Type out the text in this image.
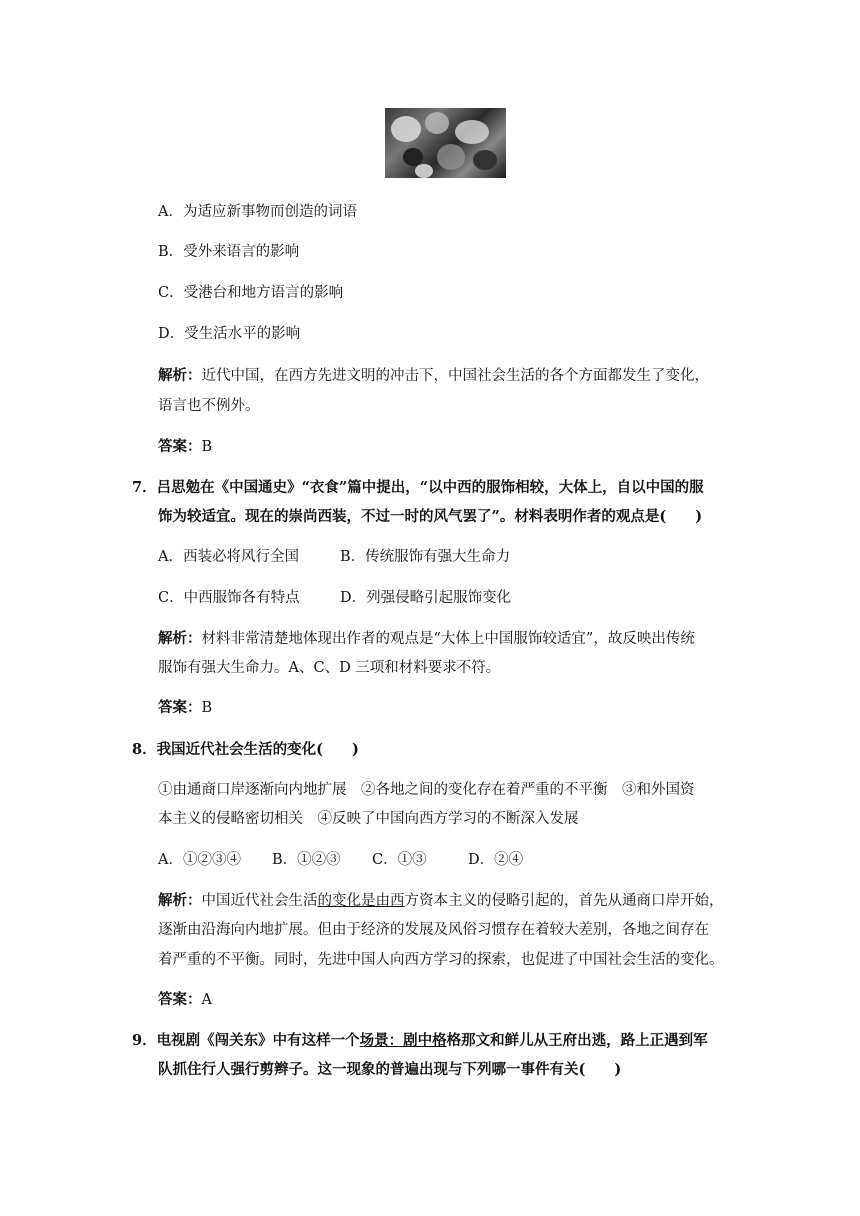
A．为适应新事物而创造的词语
B．受外来语言的影响
C．受港台和地方语言的影响
D．受生活水平的影响
解析：近代中国，在西方先进文明的冲击下，中国社会生活的各个方面都发生了变化，
语言也不例外。
答案：B
7．吕思勉在《中国通史》“衣食”篇中提出，“以中西的服饰相较，大体上，自以中国的服
饰为较适宜。现在的崇尚西装，不过一时的风气罢了”。材料表明作者的观点是(　　)
A．西装必将风行全国	B．传统服饰有强大生命力
C．中西服饰各有特点	D．列强侵略引起服饰变化
解析：材料非常清楚地体现出作者的观点是“大体上中国服饰较适宜”，故反映出传统
服饰有强大生命力。A、C、D 三项和材料要求不符。
答案：B
8．我国近代社会生活的变化(　　)
①由通商口岸逐渐向内地扩展　②各地之间的变化存在着严重的不平衡　③和外国资
本主义的侵略密切相关　④反映了中国向西方学习的不断深入发展
A．①②③④ B．①②③ C．①③	D．②④
解析：中国近代社会生活的变化是由西方资本主义的侵略引起的，首先从通商口岸开始，
逐渐由沿海向内地扩展。但由于经济的发展及风俗习惯存在着较大差别，各地之间存在
着严重的不平衡。同时，先进中国人向西方学习的探索，也促进了中国社会生活的变化。
答案：A
9．电视剧《闯关东》中有这样一个场景：剧中格格那文和鲜儿从王府出逃，路上正遇到军
队抓住行人强行剪辫子。这一现象的普遍出现与下列哪一事件有关(　　)
